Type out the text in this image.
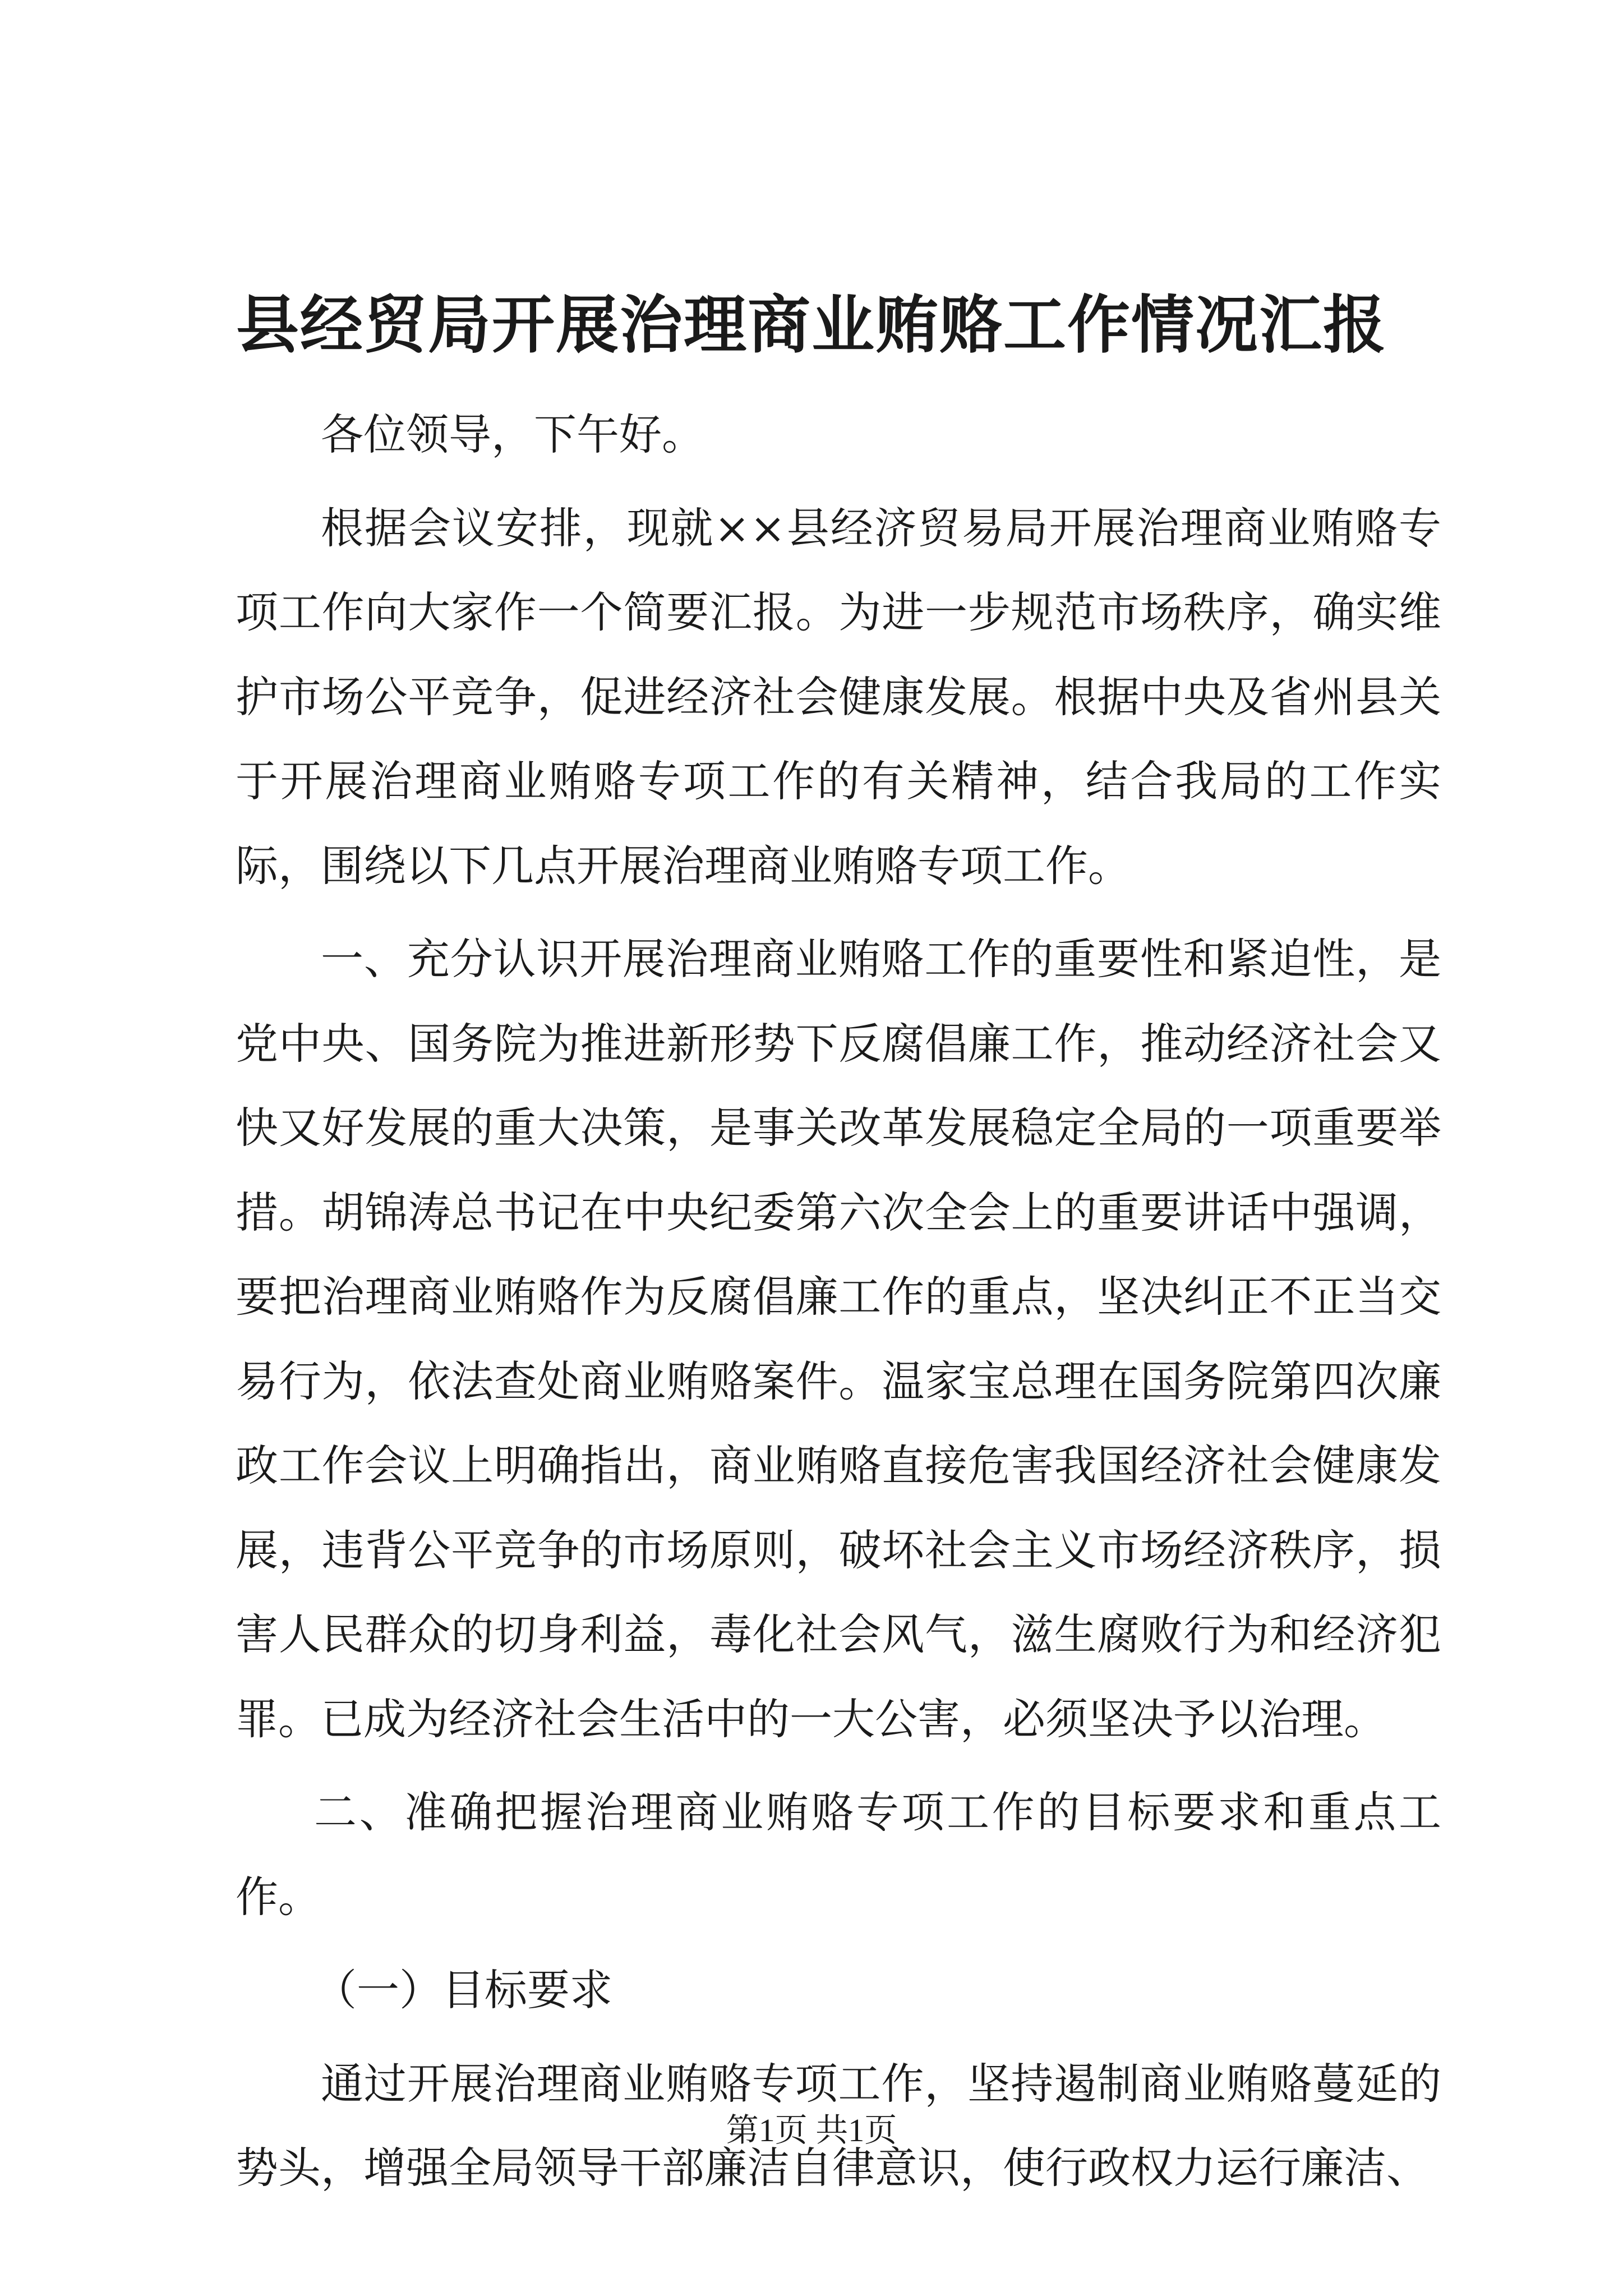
县经贸局开展治理商业贿赂工作情况汇报

各位领导，下午好。

根据会议安排，现就××县经济贸易局开展治理商业贿赂专项工作向大家作一个简要汇报。为进一步规范市场秩序，确实维护市场公平竞争，促进经济社会健康发展。根据中央及省州县关于开展治理商业贿赂专项工作的有关精神，结合我局的工作实际，围绕以下几点开展治理商业贿赂专项工作。

一、充分认识开展治理商业贿赂工作的重要性和紧迫性，是党中央、国务院为推进新形势下反腐倡廉工作，推动经济社会又快又好发展的重大决策，是事关改革发展稳定全局的一项重要举措。胡锦涛总书记在中央纪委第六次全会上的重要讲话中强调，要把治理商业贿赂作为反腐倡廉工作的重点，坚决纠正不正当交易行为，依法查处商业贿赂案件。温家宝总理在国务院第四次廉政工作会议上明确指出，商业贿赂直接危害我国经济社会健康发展，违背公平竞争的市场原则，破坏社会主义市场经济秩序，损害人民群众的切身利益，毒化社会风气，滋生腐败行为和经济犯罪。已成为经济社会生活中的一大公害，必须坚决予以治理。

二、准确把握治理商业贿赂专项工作的目标要求和重点工作。

（一）目标要求

通过开展治理商业贿赂专项工作，坚持遏制商业贿赂蔓延的势头，增强全局领导干部廉洁自律意识，使行政权力运行廉洁、

第1页 共1页
